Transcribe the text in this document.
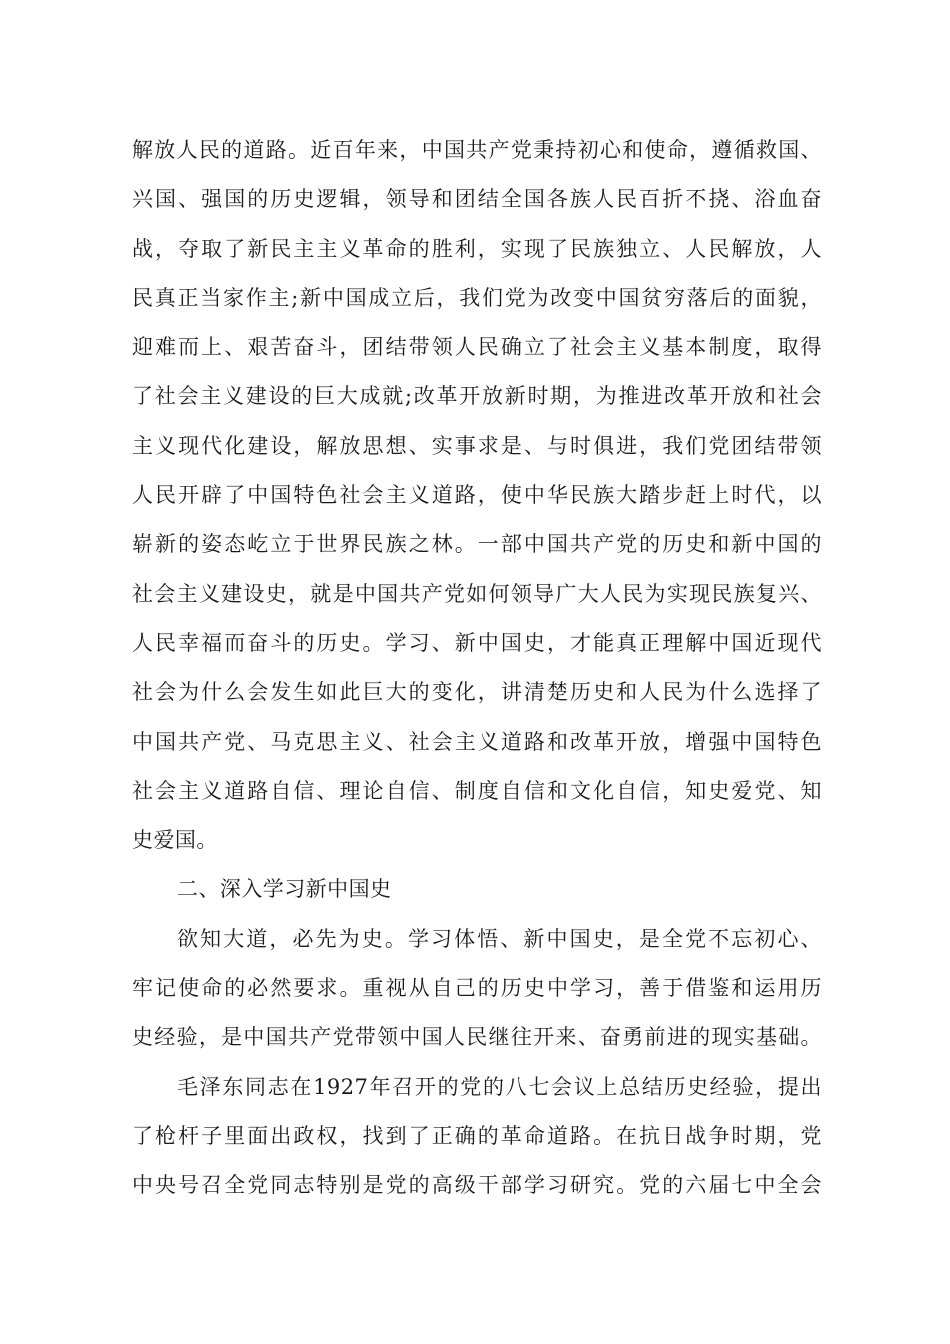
解放人民的道路。近百年来，中国共产党秉持初心和使命，遵循救国、
兴国、强国的历史逻辑，领导和团结全国各族人民百折不挠、浴血奋
战，夺取了新民主主义革命的胜利，实现了民族独立、人民解放，人
民真正当家作主;新中国成立后，我们党为改变中国贫穷落后的面貌，
迎难而上、艰苦奋斗，团结带领人民确立了社会主义基本制度，取得
了社会主义建设的巨大成就;改革开放新时期，为推进改革开放和社会
主义现代化建设，解放思想、实事求是、与时俱进，我们党团结带领
人民开辟了中国特色社会主义道路，使中华民族大踏步赶上时代，以
崭新的姿态屹立于世界民族之林。一部中国共产党的历史和新中国的
社会主义建设史，就是中国共产党如何领导广大人民为实现民族复兴、
人民幸福而奋斗的历史。学习、新中国史，才能真正理解中国近现代
社会为什么会发生如此巨大的变化，讲清楚历史和人民为什么选择了
中国共产党、马克思主义、社会主义道路和改革开放，增强中国特色
社会主义道路自信、理论自信、制度自信和文化自信，知史爱党、知
史爱国。
二、深入学习新中国史
欲知大道，必先为史。学习体悟、新中国史，是全党不忘初心、
牢记使命的必然要求。重视从自己的历史中学习，善于借鉴和运用历
史经验，是中国共产党带领中国人民继往开来、奋勇前进的现实基础。
毛泽东同志在1927年召开的党的八七会议上总结历史经验，提出
了枪杆子里面出政权，找到了正确的革命道路。在抗日战争时期，党
中央号召全党同志特别是党的高级干部学习研究。党的六届七中全会
